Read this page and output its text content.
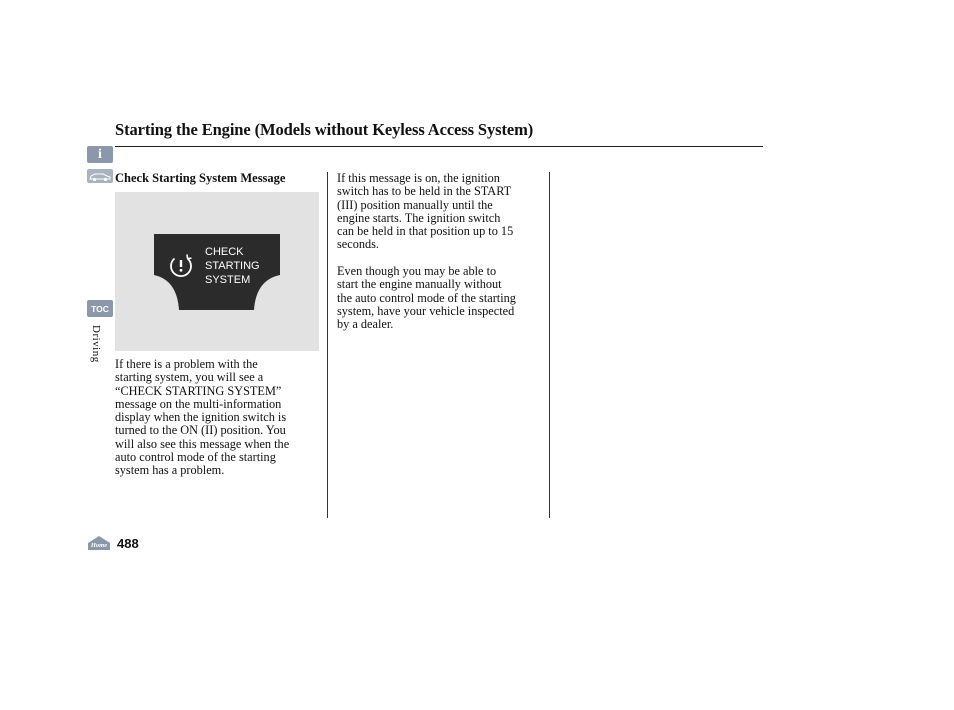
Starting the Engine (Models without Keyless Access System)
i
TOC
Driving
Home 488
Check Starting System Message
CHECK
STARTING
SYSTEM
If there is a problem with the
starting system, you will see a
“CHECK STARTING SYSTEM”
message on the multi-information
display when the ignition switch is
turned to the ON (II) position. You
will also see this message when the
auto control mode of the starting
system has a problem.
If this message is on, the ignition
switch has to be held in the START
(III) position manually until the
engine starts. The ignition switch
can be held in that position up to 15
seconds.
Even though you may be able to
start the engine manually without
the auto control mode of the starting
system, have your vehicle inspected
by a dealer.
